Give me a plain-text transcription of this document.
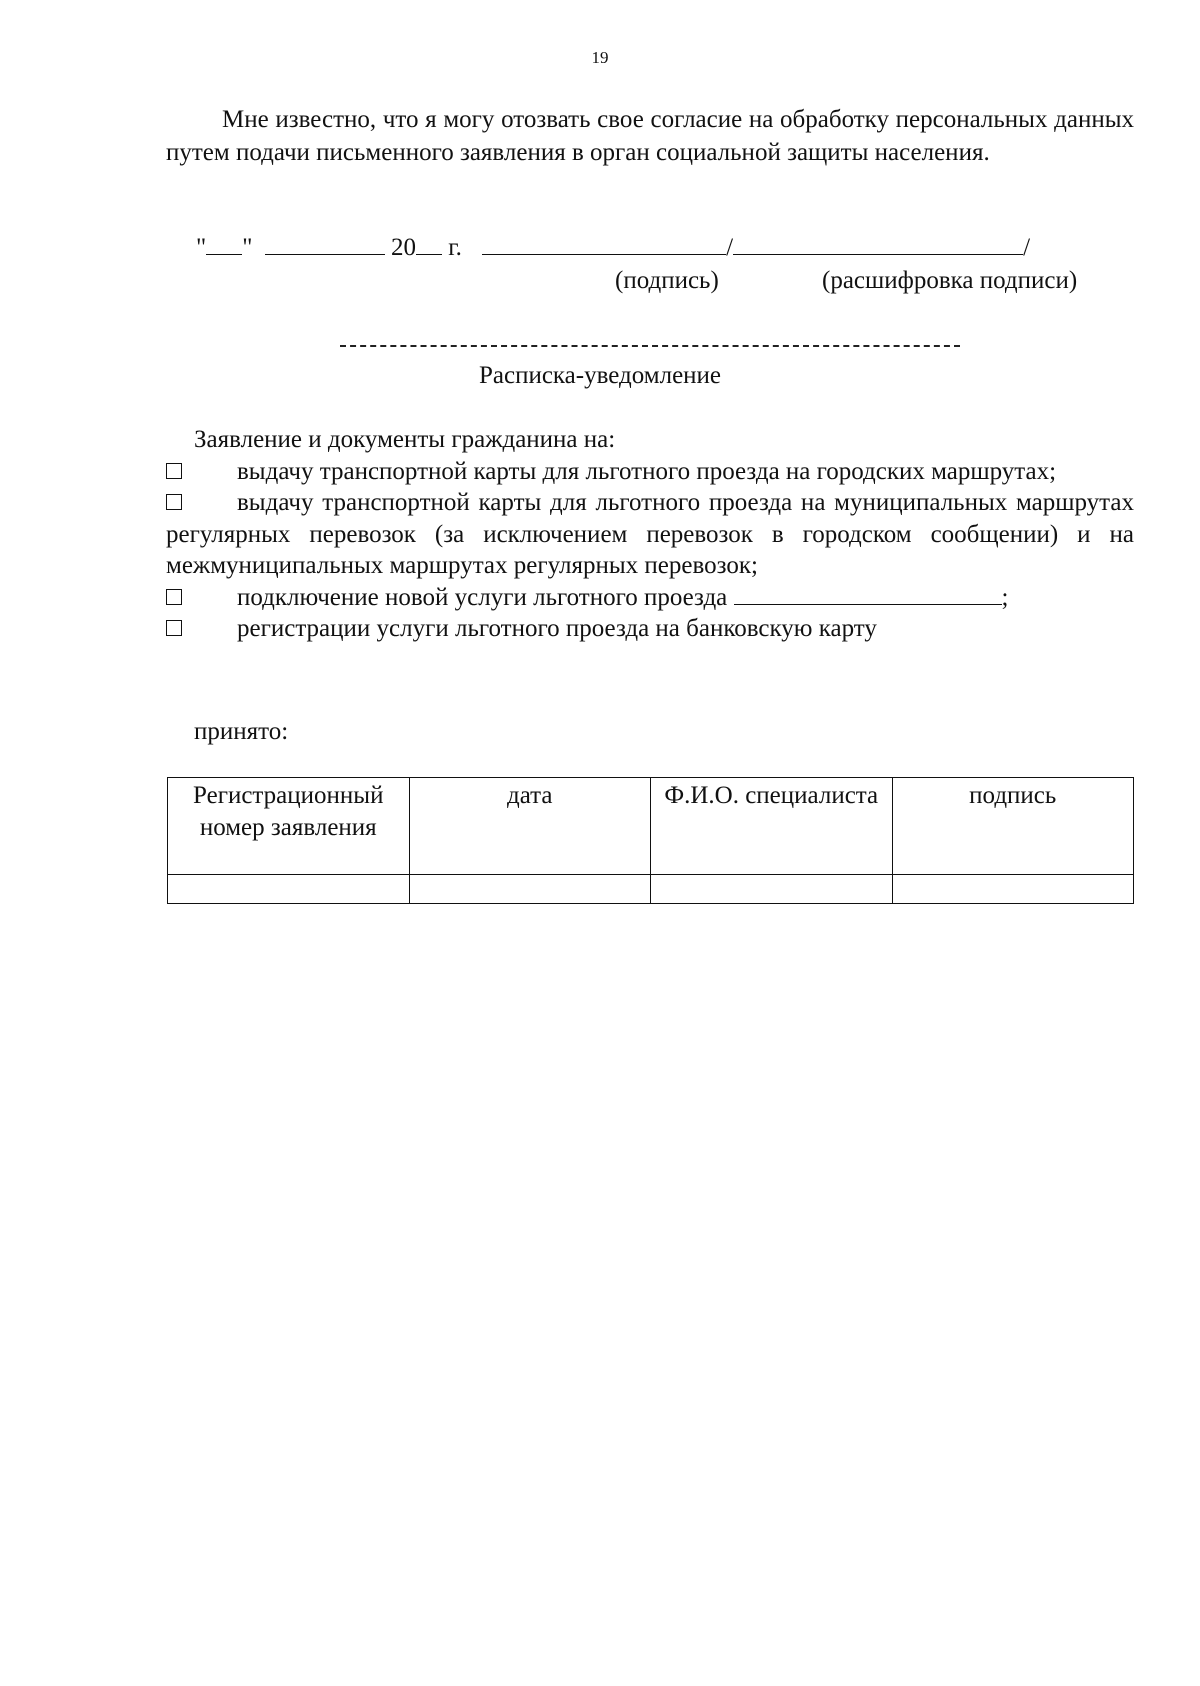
19

Мне известно, что я могу отозвать свое согласие на обработку персональных данных путем подачи письменного заявления в орган социальной защиты населения.

" "	20 г.	/	/
(подпись)	(расшифровка подписи)
Расписка-уведомление

Заявление и документы гражданина на:

выдачу транспортной карты для льготного проезда на городских маршрутах;
выдачу транспортной карты для льготного проезда на муниципальных маршрутах регулярных перевозок (за исключением перевозок в городском сообщении) и на межмуниципальных маршрутах регулярных перевозок;
подключение новой услуги льготного проезда	;
регистрации услуги льготного проезда на банковскую карту
принято:
Регистрационный номер заявления	дата	Ф.И.О. специалиста	подпись
